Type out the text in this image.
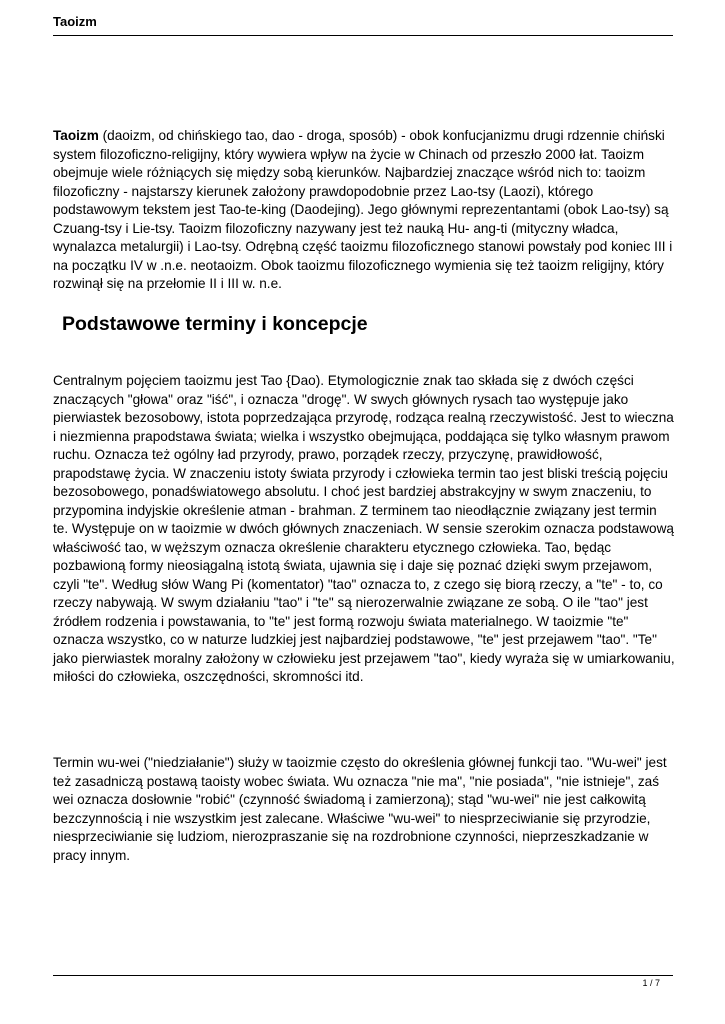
Taoizm

Taoizm (daoizm, od chińskiego tao, dao - droga, sposób) - obok konfucjanizmu drugi rdzennie chiński system filozoficzno-religijny, który wywiera wpływ na życie w Chinach od przeszło 2000 łat. Taoizm obejmuje wiele różniących się między sobą kierunków. Najbardziej znaczące wśród nich to: taoizm filozoficzny - najstarszy kierunek założony prawdopodobnie przez Lao-tsy (Laozi), którego podstawowym tekstem jest Tao-te-king (Daodejing). Jego głównymi reprezentantami (obok Lao-tsy) są Czuang-tsy i Lie-tsy. Taoizm filozoficzny nazywany jest też nauką Hu- ang-ti (mityczny władca, wynalazca metalurgii) i Lao-tsy. Odrębną część taoizmu filozoficznego stanowi powstały pod koniec III i na początku IV w .n.e. neotaoizm. Obok taoizmu filozoficznego wymienia się też taoizm religijny, który rozwinął się na przełomie II i III w. n.e.

Podstawowe terminy i koncepcje

Centralnym pojęciem taoizmu jest Tao {Dao). Etymologicznie znak tao składa się z dwóch części znaczących "głowa" oraz "iść", i oznacza "drogę". W swych głównych rysach tao występuje jako pierwiastek bezosobowy, istota poprzedzająca przyrodę, rodząca realną rzeczywistość. Jest to wieczna i niezmienna prapodstawa świata; wielka i wszystko obejmująca, poddająca się tylko własnym prawom ruchu. Oznacza też ogólny ład przyrody, prawo, porządek rzeczy, przyczynę, prawidłowość, prapodstawę życia. W znaczeniu istoty świata przyrody i człowieka termin tao jest bliski treścią pojęciu bezosobowego, ponadświatowego absolutu. I choć jest bardziej abstrakcyjny w swym znaczeniu, to przypomina indyjskie określenie atman - brahman. Z terminem tao nieodłącznie związany jest termin te. Występuje on w taoizmie w dwóch głównych znaczeniach. W sensie szerokim oznacza podstawową właściwość tao, w węższym oznacza określenie charakteru etycznego człowieka. Tao, będąc pozbawioną formy nieosiągalną istotą świata, ujawnia się i daje się poznać dzięki swym przejawom, czyli "te". Według słów Wang Pi (komentator) "tao" oznacza to, z czego się biorą rzeczy, a "te" - to, co rzeczy nabywają. W swym działaniu "tao" i "te" są nierozerwalnie związane ze sobą. O ile "tao" jest źródłem rodzenia i powstawania, to "te" jest formą rozwoju świata materialnego. W taoizmie "te" oznacza wszystko, co w naturze ludzkiej jest najbardziej podstawowe, "te" jest przejawem "tao". "Te" jako pierwiastek moralny założony w człowieku jest przejawem "tao", kiedy wyraża się w umiarkowaniu, miłości do człowieka, oszczędności, skromności itd.

Termin wu-wei ("niedziałanie") służy w taoizmie często do określenia głównej funkcji tao. "Wu-wei" jest też zasadniczą postawą taoisty wobec świata. Wu oznacza "nie ma", "nie posiada", "nie istnieje", zaś wei oznacza dosłownie "robić" (czynność świadomą i zamierzoną); stąd "wu-wei" nie jest całkowitą bezczynnością i nie wszystkim jest zalecane. Właściwe "wu-wei" to niesprzeciwianie się przyrodzie, niesprzeciwianie się ludziom, nierozpraszanie się na rozdrobnione czynności, nieprzeszkadzanie w pracy innym.

1 / 7
